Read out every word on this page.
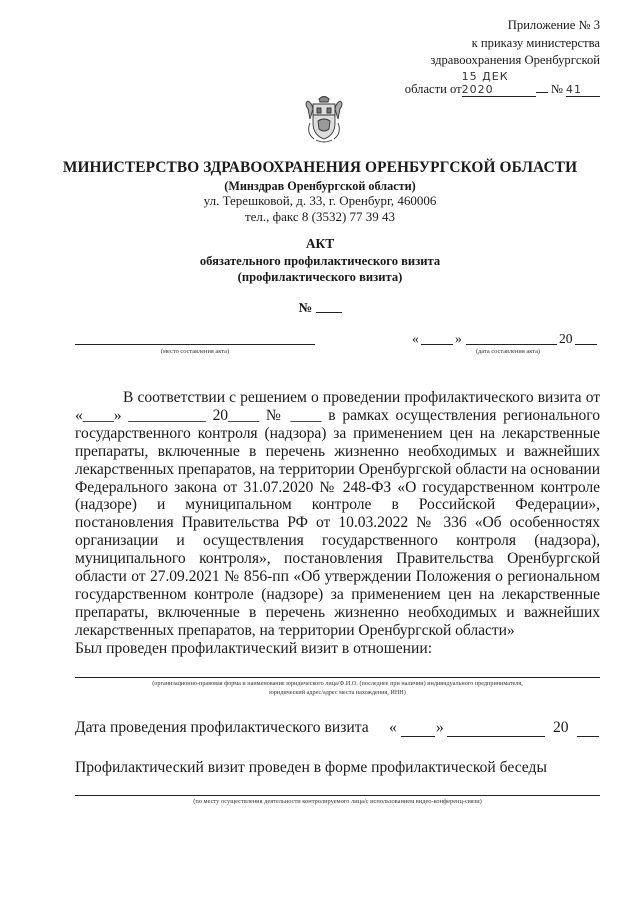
Приложение № 3
к приказу министерства
здравоохранения Оренбургской
области от15 ДЕК 2020	№ 41
МИНИСТЕРСТВО ЗДРАВООХРАНЕНИЯ ОРЕНБУРГСКОЙ ОБЛАСТИ
(Минздрав Оренбургской области)
ул. Терешковой, д. 33, г. Оренбург, 460006
тел., факс 8 (3532) 77 39 43
АКТ
обязательного профилактического визита
(профилактического визита)
№
(место составления акта)
«	»	20
(дата составления акта)
В соответствии с решением о проведении профилактического визита от «____» __________ 20____ № ____ в рамках осуществления регионального государственного контроля (надзора) за применением цен на лекарственные препараты, включенные в перечень жизненно необходимых и важнейших лекарственных препаратов, на территории Оренбургской области на основании Федерального закона от 31.07.2020 № 248-ФЗ «О государственном контроле (надзоре) и муниципальном контроле в Российской Федерации», постановления Правительства РФ от 10.03.2022 № 336 «Об особенностях организации и осуществления государственного контроля (надзора), муниципального контроля», постановления Правительства Оренбургской области от 27.09.2021 № 856-пп «Об утверждении Положения о региональном государственном контроле (надзоре) за применением цен на лекарственные препараты, включенные в перечень жизненно необходимых и важнейших лекарственных препаратов, на территории Оренбургской области»
Был проведен профилактический визит в отношении:
(организационно-правовая форма и наименование юридического лица/Ф.И.О. (последнее при наличии) индивидуального предпринимателя,
юридический адрес/адрес места нахождения, ИНН)
Дата проведения профилактического визита «	»	20
Профилактический визит проведен в форме профилактической беседы
(по месту осуществления деятельности контролируемого лица/с использованием видео-конференц-связи)
